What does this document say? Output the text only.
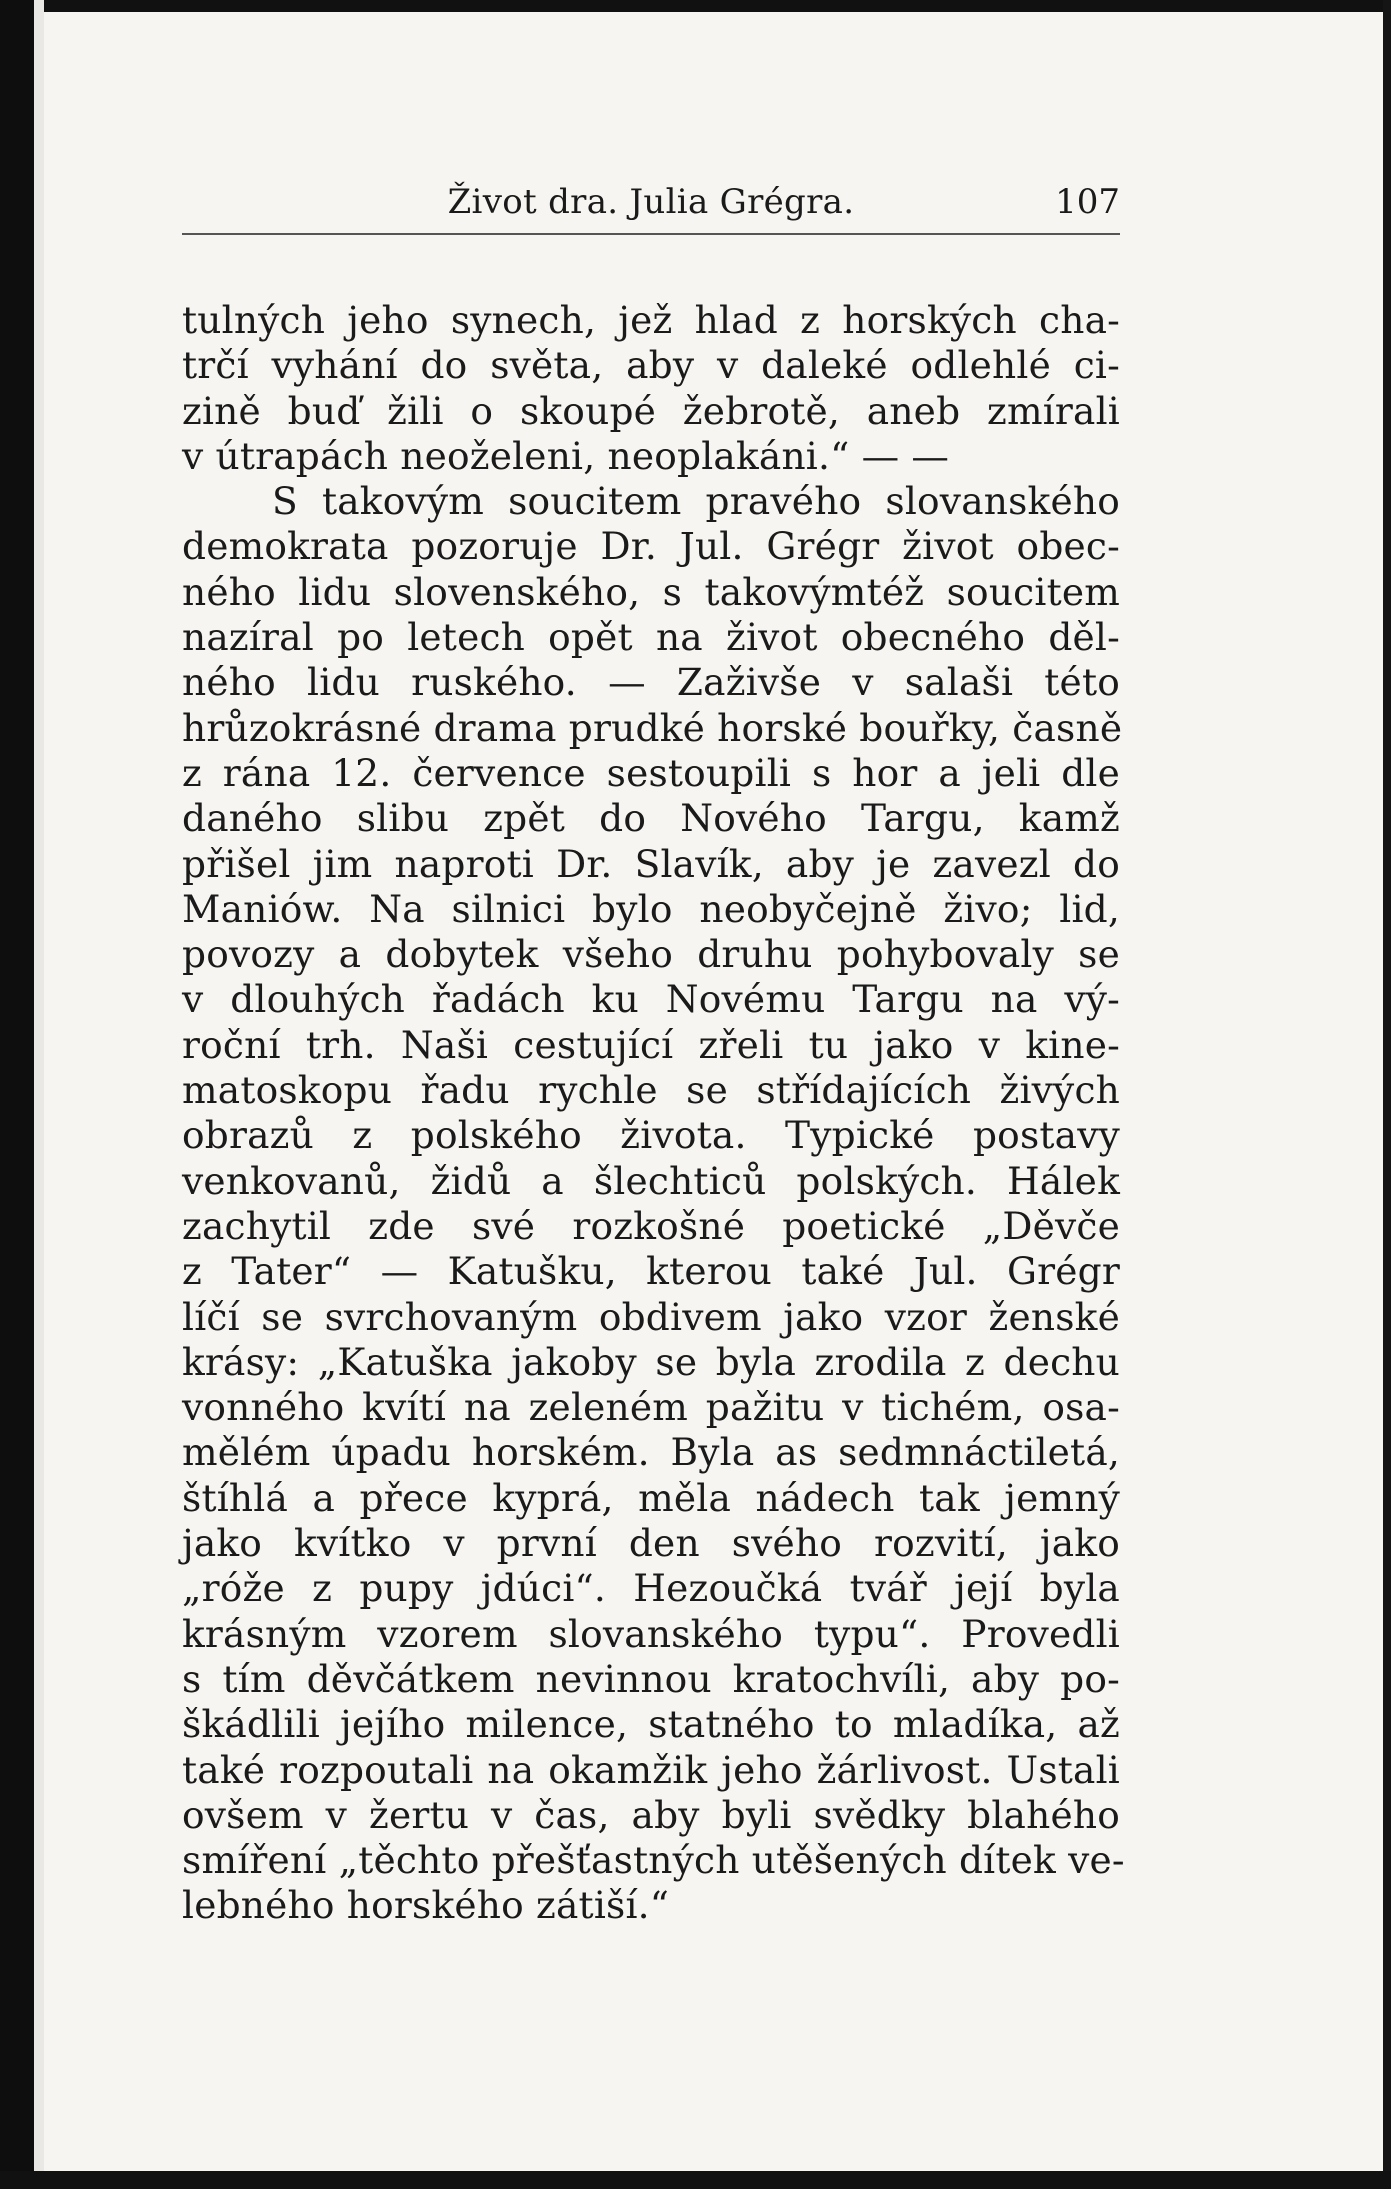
Život dra. Julia Grégra.	107
tulných jeho synech, jež hlad z horských cha-
trčí vyhání do světa, aby v daleké odlehlé ci-
zině buď žili o skoupé žebrotě, aneb zmírali
v útrapách neoželeni, neoplakáni.“ — —
S takovým soucitem pravého slovanského
demokrata pozoruje Dr. Jul. Grégr život obec-
ného lidu slovenského, s takovýmtéž soucitem
nazíral po letech opět na život obecného děl-
ného lidu ruského. — Zaživše v salaši této
hrůzokrásné drama prudké horské bouřky, časně
z rána 12. července sestoupili s hor a jeli dle
daného slibu zpět do Nového Targu, kamž
přišel jim naproti Dr. Slavík, aby je zavezl do
Maniów. Na silnici bylo neobyčejně živo; lid,
povozy a dobytek všeho druhu pohybovaly se
v dlouhých řadách ku Novému Targu na vý-
roční trh. Naši cestující zřeli tu jako v kine-
matoskopu řadu rychle se střídajících živých
obrazů z polského života. Typické postavy
venkovanů, židů a šlechticů polských. Hálek
zachytil zde své rozkošné poetické „Děvče
z Tater“ — Katušku, kterou také Jul. Grégr
líčí se svrchovaným obdivem jako vzor ženské
krásy: „Katuška jakoby se byla zrodila z dechu
vonného kvítí na zeleném pažitu v tichém, osa-
mělém úpadu horském. Byla as sedmnáctiletá,
štíhlá a přece kyprá, měla nádech tak jemný
jako kvítko v první den svého rozvití, jako
„róže z pupy jdúci“. Hezoučká tvář její byla
krásným vzorem slovanského typu“. Provedli
s tím děvčátkem nevinnou kratochvíli, aby po-
škádlili jejího milence, statného to mladíka, až
také rozpoutali na okamžik jeho žárlivost. Ustali
ovšem v žertu v čas, aby byli svědky blahého
smíření „těchto přešťastných utěšených dítek ve-
lebného horského zátiší.“
